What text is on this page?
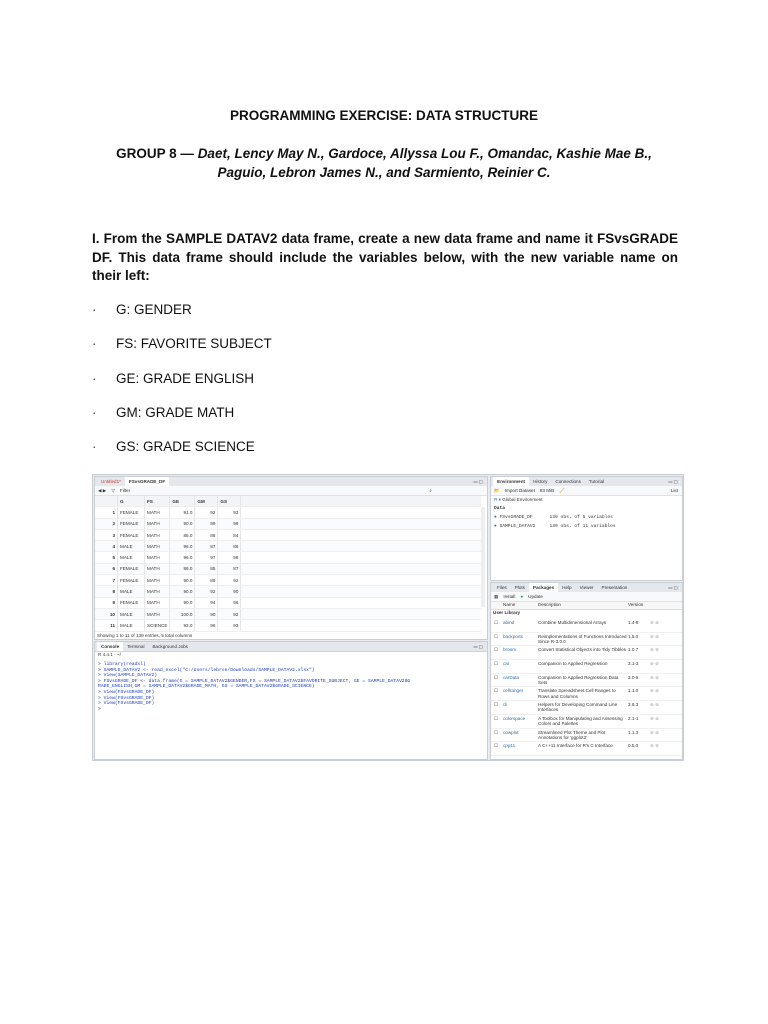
PROGRAMMING EXERCISE: DATA STRUCTURE
GROUP 8 — Daet, Lency May N., Gardoce, Allyssa Lou F., Omandac, Kashie Mae B.,
Paguio, Lebron James N., and Sarmiento, Reinier C.
I. From the SAMPLE DATAV2 data frame, create a new data frame and name it FSvsGRADE DF. This data frame should include the variables below, with the new variable name on their left:
·	G: GENDER
·	FS: FAVORITE SUBJECT
·	GE: GRADE ENGLISH
·	GM: GRADE MATH
·	GS: GRADE SCIENCE
Untitled1*	FSvsGRADE_DF	▭▢
◀ ▶ ▽ Filter	⌕
	G	FS	GE	GM	GS	
1	FEMALE	MATH	91.0	92	93	
2	FEMALE	MATH	90.0	99	99	
3	FEMALE	MATH	86.0	86	84	
4	MALE	MATH	96.0	87	86	
5	MALE	MATH	96.0	97	98	
6	FEMALE	MATH	86.0	85	87	
7	FEMALE	MATH	90.0	89	92	
8	MALE	MATH	90.0	92	90	
9	FEMALE	MATH	90.0	94	96	
10	MALE	MATH	100.0	90	92	
11	MALE	SCIENCE	93.0	96	93	
Showing 1 to 11 of 139 entries, 5 total columns
Console	Terminal	Background Jobs	▭▢
R 4.4.1 · ~/
> library(readxl)
> SAMPLE_DATAV2 <- read_excel("C:/Users/lebron/Downloads/SAMPLE_DATAV2.xlsx")
> View(SAMPLE_DATAV2)
> FSvsGRADE_DF <- data.frame(G = SAMPLE_DATAV2$GENDER,FS = SAMPLE_DATAV2$FAVORITE_SUBJECT, GE = SAMPLE_DATAV2$G
RADE_ENGLISH,GM = SAMPLE_DATAV2$GRADE_MATH, GS = SAMPLE_DATAV2$GRADE_SCIENCE)
> View(FSvsGRADE_DF)
> View(FSvsGRADE_DF)
> View(FSvsGRADE_DF)
>
Environment	History	Connections	Tutorial	▭▢
📂 Import Dataset 83 MiB 🧹	List
R ▾
Global Environment
Data
●
FSvsGRADE_DF	139 obs. of 5 variables
●
SAMPLE_DATAV2	139 obs. of 11 variables
Files	Plots	Packages	Help	Viewer	Presentation	▭▢
▦ Install ● Update
Name	Description	Version
User Library
☐	abind	Combine Multidimensional Arrays	1.4-8	⊕ ⊗
☐	backports	Reimplementations of Functions Introduced Since R-3.0.0
1.5.0	⊕ ⊗
☐	broom	Convert Statistical Objects into Tidy Tibbles 1.0.7	⊕ ⊗
☐	car	Companion to Applied Regression	3.1-3	⊕ ⊗
☐	carData	Companion to Applied Regression Data Sets
3.0-5	⊕ ⊗
☐	cellranger	Translate Spreadsheet Cell Ranges to Rows and Columns
1.1.0	⊕ ⊗
☐	cli	Helpers for Developing Command Line Interfaces
3.6.3	⊕ ⊗
☐	colorspace	A Toolbox for Manipulating and Assessing Colors and Palettes
2.1-1	⊕ ⊗
☐	cowplot	Streamlined Plot Theme and Plot Annotations for 'ggplot2'
1.1.3	⊕ ⊗
☐	cpp11	A C++11 Interface for R's C Interface	0.5.0	⊕ ⊗
